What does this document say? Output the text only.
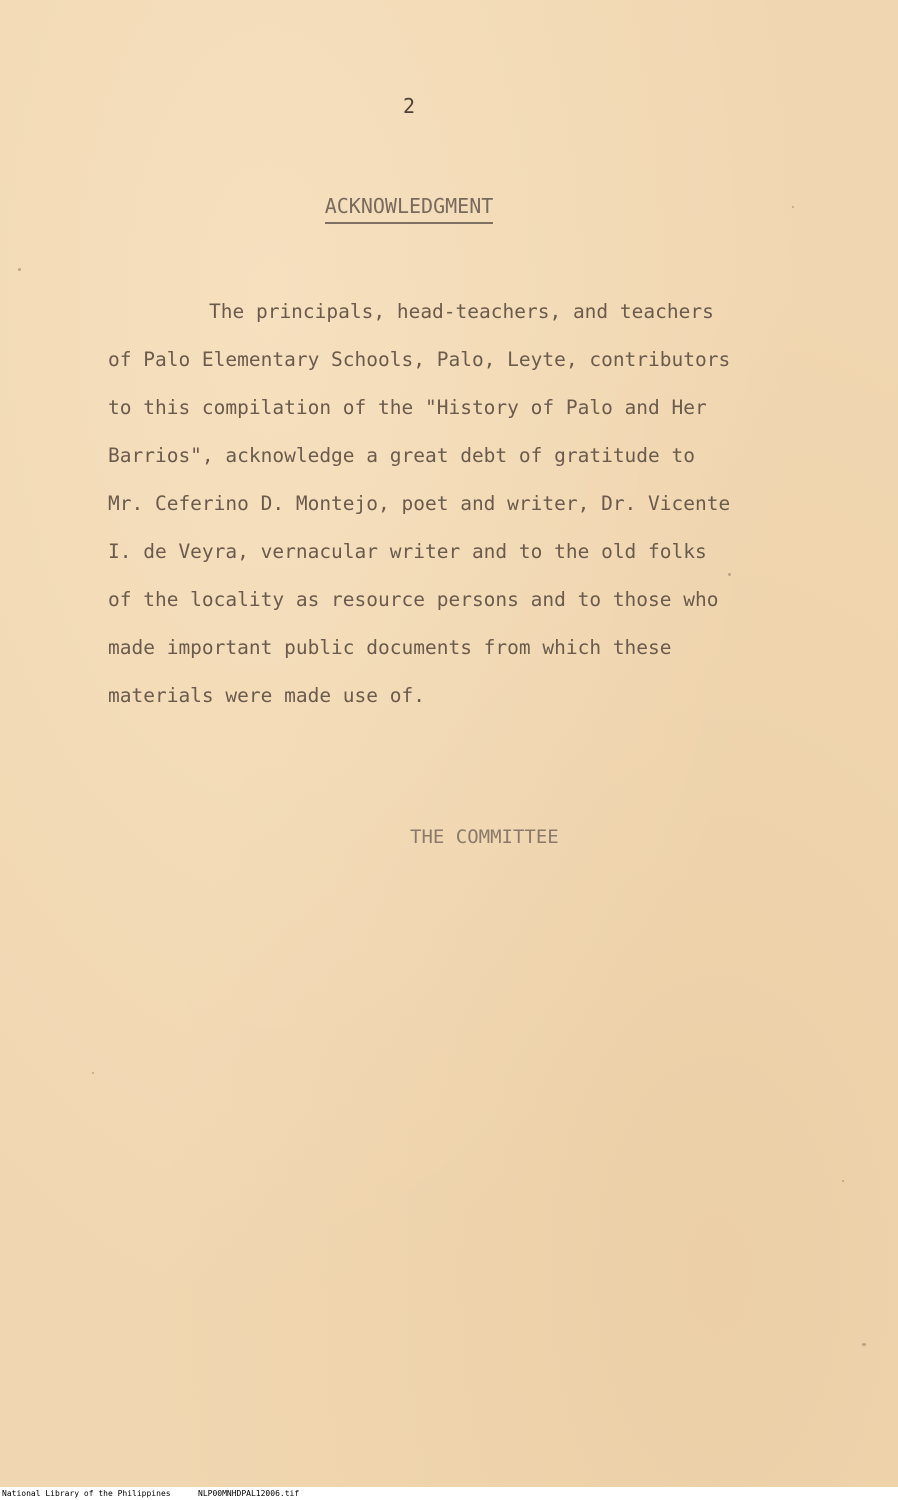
2
ACKNOWLEDGMENT
The principals, head-teachers, and teachers
of Palo Elementary Schools, Palo, Leyte, contributors
to this compilation of the "History of Palo and Her
Barrios", acknowledge a great debt of gratitude to
Mr. Ceferino D. Montejo, poet and writer, Dr. Vicente
I. de Veyra, vernacular writer and to the old folks
of the locality as resource persons and to those who
made important public documents from which these
materials were made use of.
THE COMMITTEE
National Library of the Philippines	NLP00MNHDPAL12006.tif
